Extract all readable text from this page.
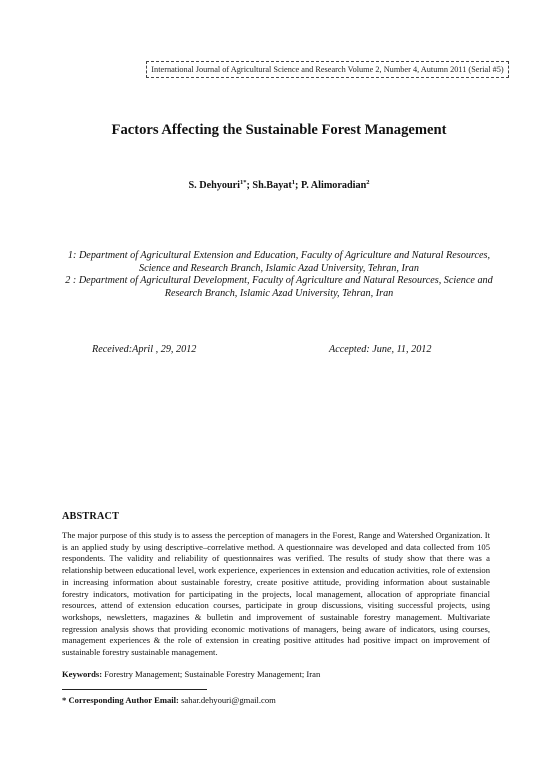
International Journal of Agricultural Science and Research Volume 2, Number 4, Autumn 2011 (Serial #5)
Factors Affecting the Sustainable Forest Management
S. Dehyouri$^{1*}$; Sh.Bayat$^1$; P. Alimoradian$^2$
1: Department of Agricultural Extension and Education, Faculty of Agriculture and Natural Resources, Science and Research Branch, Islamic Azad University, Tehran, Iran
2 : Department of Agricultural Development, Faculty of Agriculture and Natural Resources, Science and Research Branch, Islamic Azad University, Tehran, Iran
Received:April , 29, 2012	Accepted: June, 11, 2012
ABSTRACT

The major purpose of this study is to assess the perception of managers in the Forest, Range and Watershed Organization. It is an applied study by using descriptive–correlative method. A questionnaire was developed and data collected from 105 respondents. The validity and reliability of questionnaires was verified. The results of study show that there was a relationship between educational level, work experience, experiences in extension and education activities, role of extension in increasing information about sustainable forestry, create positive attitude, providing information about sustainable forestry indicators, motivation for participating in the projects, local management, allocation of appropriate financial resources, attend of extension education courses, participate in group discussions, visiting successful projects, using workshops, newsletters, magazines & bulletin and improvement of sustainable forestry management. Multivariate regression analysis shows that providing economic motivations of managers, being aware of indicators, using courses, management experiences & the role of extension in creating positive attitudes had positive impact on improvement of sustainable forestry sustainable management.

Keywords: Forestry Management; Sustainable Forestry Management; Iran
* Corresponding Author Email: sahar.dehyouri@gmail.com
